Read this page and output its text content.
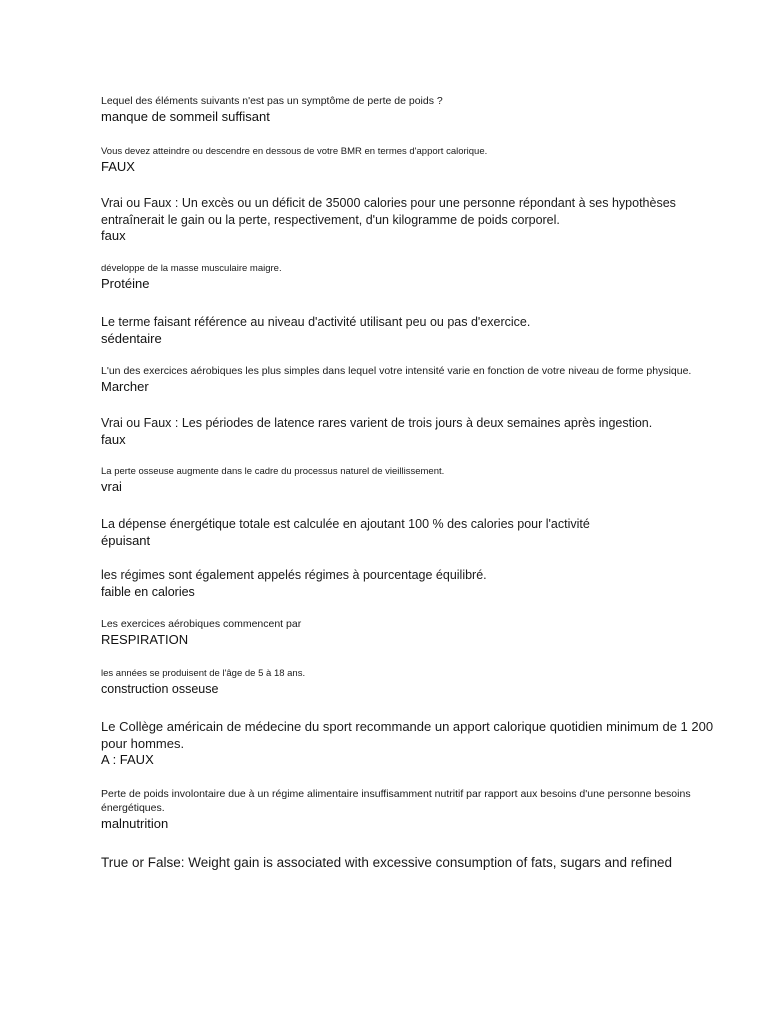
Lequel des éléments suivants n'est pas un symptôme de perte de poids ?

manque de sommeil suffisant

Vous devez atteindre ou descendre en dessous de votre BMR en termes d'apport calorique.

FAUX

Vrai ou Faux : Un excès ou un déficit de 35000 calories pour une personne répondant à ses hypothèses entraînerait le gain ou la perte, respectivement, d'un kilogramme de poids corporel.

faux

développe de la masse musculaire maigre.

Protéine

Le terme faisant référence au niveau d'activité utilisant peu ou pas d'exercice.

sédentaire

L'un des exercices aérobiques les plus simples dans lequel votre intensité varie en fonction de votre niveau de forme physique.

Marcher

Vrai ou Faux : Les périodes de latence rares varient de trois jours à deux semaines après ingestion.

faux

La perte osseuse augmente dans le cadre du processus naturel de vieillissement.

vrai

La dépense énergétique totale est calculée en ajoutant 100 % des calories pour l'activité

épuisant

les régimes sont également appelés régimes à pourcentage équilibré.

faible en calories

Les exercices aérobiques commencent par

RESPIRATION

les années se produisent de l'âge de 5 à 18 ans.

construction osseuse

Le Collège américain de médecine du sport recommande un apport calorique quotidien minimum de 1 200 pour hommes.

A : FAUX

Perte de poids involontaire due à un régime alimentaire insuffisamment nutritif par rapport aux besoins d'une personne besoins énergétiques.

malnutrition

True or False: Weight gain is associated with excessive consumption of fats, sugars and refined
